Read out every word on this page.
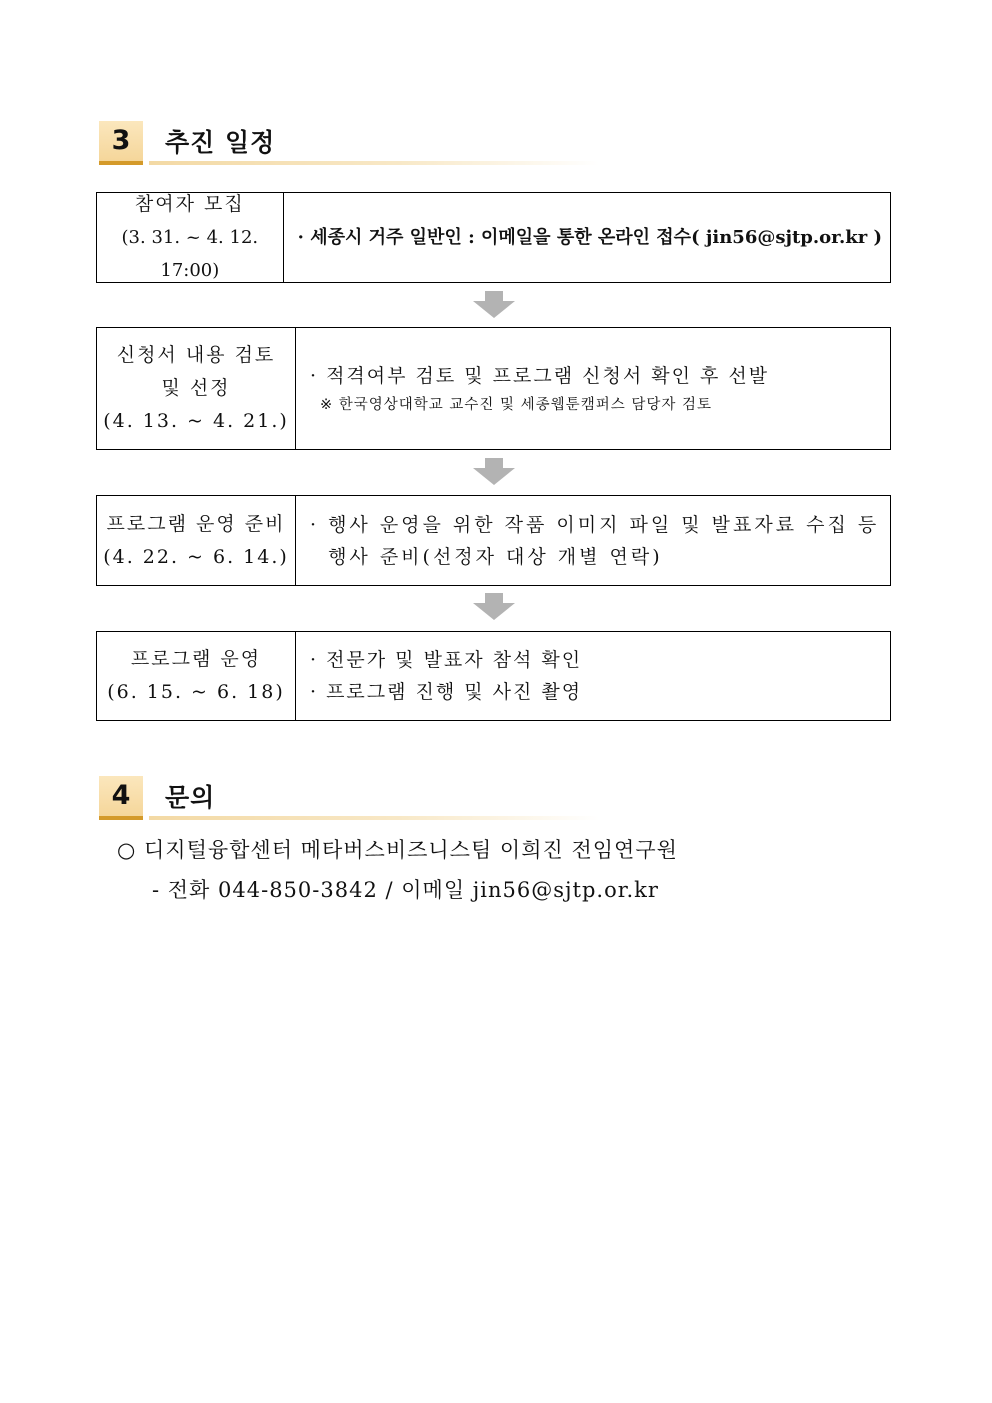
3	추진 일정
참여자 모집
(3. 31. ~ 4. 12. 17:00)
· 세종시 거주 일반인 : 이메일을 통한 온라인 접수( jin56@sjtp.or.kr )
신청서 내용 검토
및 선정
(4. 13. ~ 4. 21.)
· 적격여부 검토 및 프로그램 신청서 확인 후 선발
※ 한국영상대학교 교수진 및 세종웹툰캠퍼스 담당자 검토
프로그램 운영 준비
(4. 22. ~ 6. 14.)
· 행사 운영을 위한 작품 이미지 파일 및 발표자료 수집 등
행사 준비(선정자 대상 개별 연락)
프로그램 운영
(6. 15. ~ 6. 18)
· 전문가 및 발표자 참석 확인
· 프로그램 진행 및 사진 촬영
4	문의
○ 디지털융합센터 메타버스비즈니스팀 이희진 전임연구원
- 전화 044-850-3842 / 이메일 jin56@sjtp.or.kr
